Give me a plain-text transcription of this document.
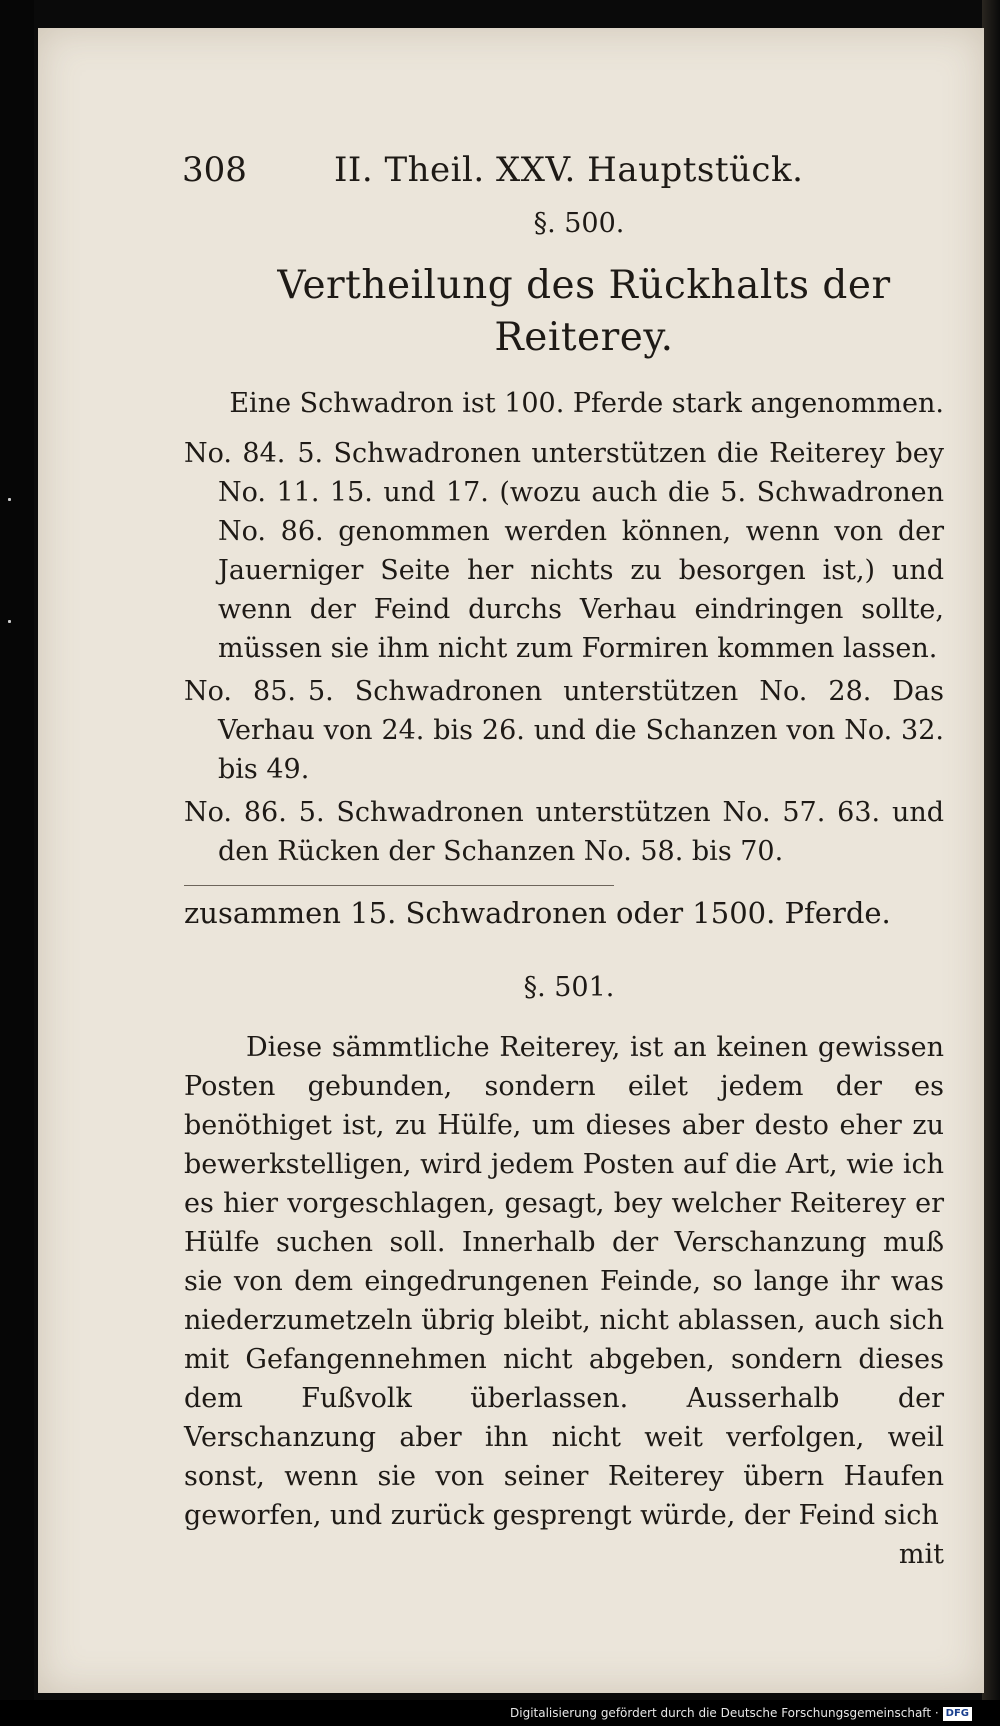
308	II. Theil. XXV. Hauptstück.
§. 500.
Vertheilung des Rückhalts der Reiterey.
Eine Schwadron ist 100. Pferde stark angenommen.

No. 84. 5. Schwadronen unterstützen die Reiterey bey No. 11. 15. und 17. (wozu auch die 5. Schwadronen No. 86. genommen werden können, wenn von der Jauerniger Seite her nichts zu besorgen ist,) und wenn der Feind durchs Verhau eindringen sollte, müssen sie ihm nicht zum Formiren kommen lassen.

No. 85. 5. Schwadronen unterstützen No. 28. Das Verhau von 24. bis 26. und die Schanzen von No. 32. bis 49.

No. 86. 5. Schwadronen unterstützen No. 57. 63. und den Rücken der Schanzen No. 58. bis 70.

zusammen 15. Schwadronen oder 1500. Pferde.
§. 501.

Diese sämmtliche Reiterey, ist an keinen gewissen Posten gebunden, sondern eilet jedem der es benöthiget ist, zu Hülfe, um dieses aber desto eher zu bewerkstelligen, wird jedem Posten auf die Art, wie ich es hier vorgeschlagen, gesagt, bey welcher Reiterey er Hülfe suchen soll. Innerhalb der Verschanzung muß sie von dem eingedrungenen Feinde, so lange ihr was niederzumetzeln übrig bleibt, nicht ablassen, auch sich mit Gefangennehmen nicht abgeben, sondern dieses dem Fußvolk überlassen. Ausserhalb der Verschanzung aber ihn nicht weit verfolgen, weil sonst, wenn sie von seiner Reiterey übern Haufen geworfen, und zurück gesprengt würde, der Feind sich

mit
Digitalisierung gefördert durch die Deutsche Forschungsgemeinschaft · DFG
